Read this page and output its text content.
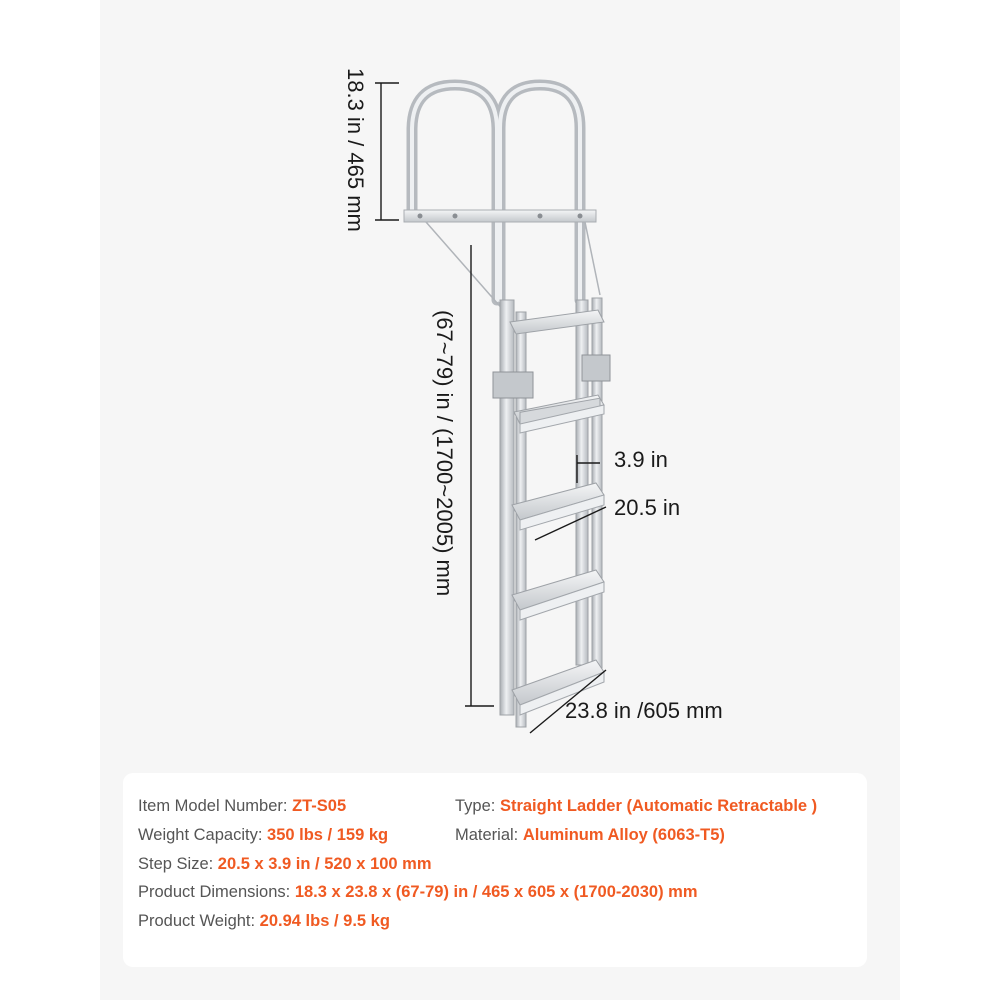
18.3 in / 465 mm
(67~79) in / (1700~2005) mm	3.9 in
20.5 in
23.8 in /605 mm
Item Model Number: ZT-S05	Type: Straight Ladder (Automatic Retractable )
Weight Capacity: 350 lbs / 159 kg	Material: Aluminum Alloy (6063-T5)
Step Size: 20.5 x 3.9 in / 520 x 100 mm
Product Dimensions: 18.3 x 23.8 x (67-79) in / 465 x 605 x (1700-2030) mm
Product Weight: 20.94 lbs / 9.5 kg
